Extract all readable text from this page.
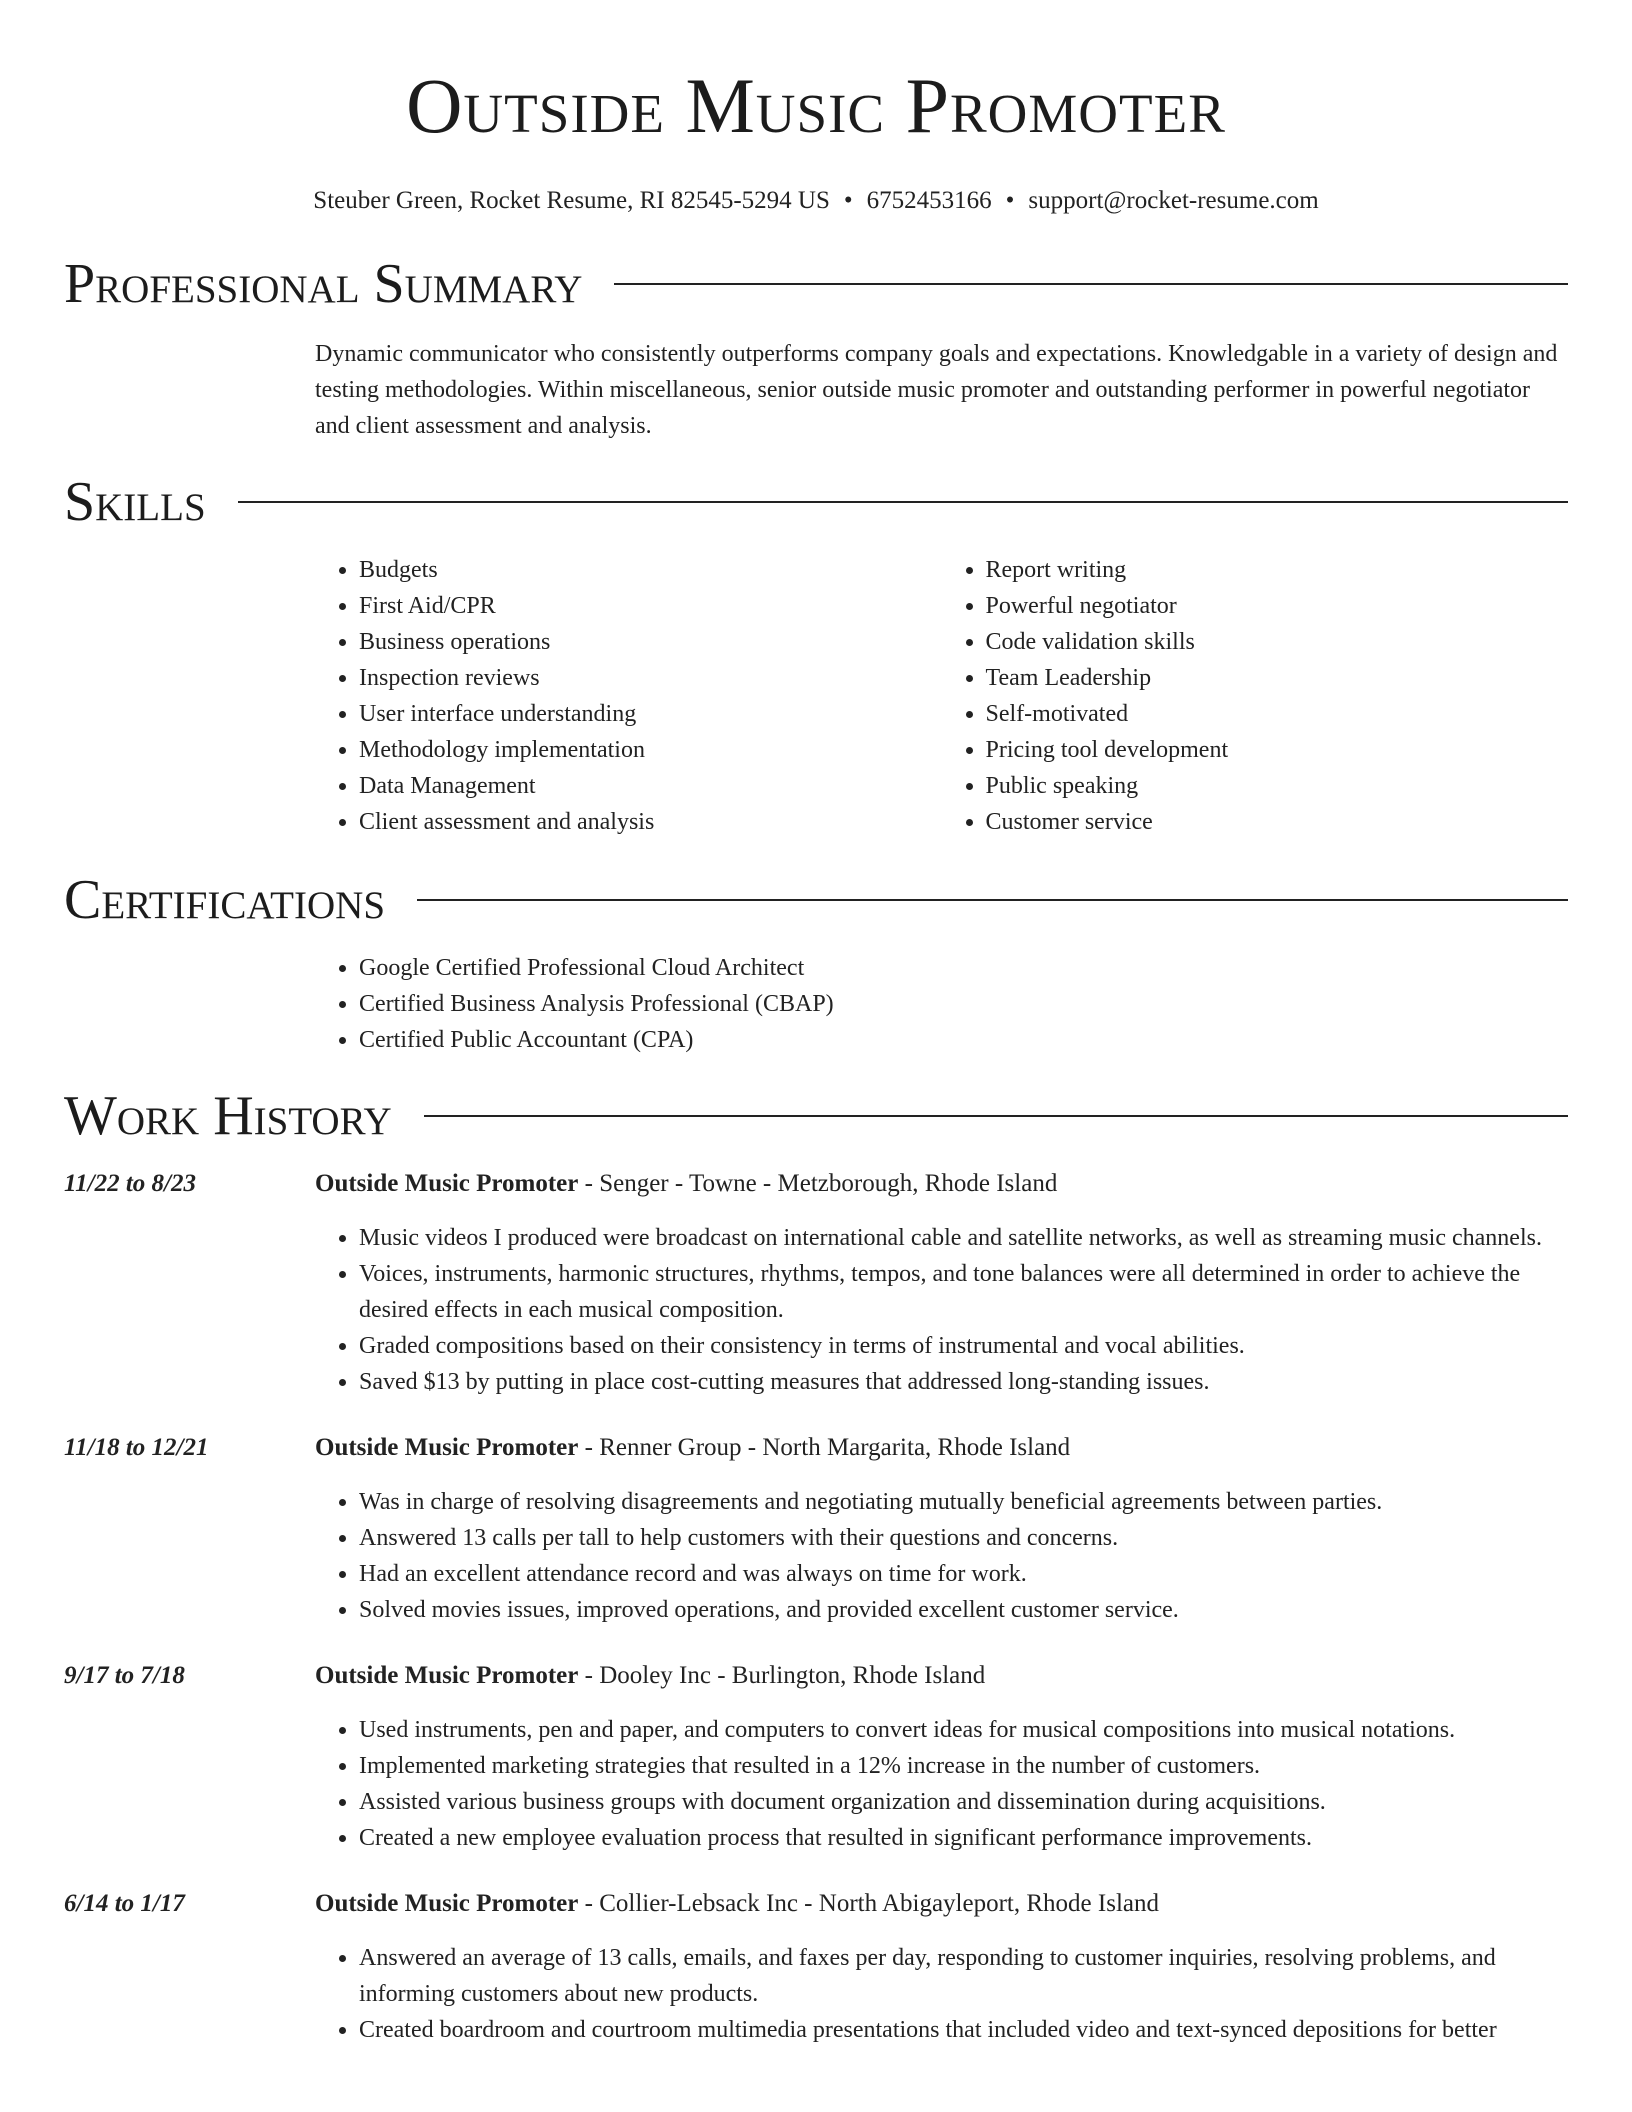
Outside Music Promoter
Steuber Green, Rocket Resume, RI 82545-5294 US • 6752453166 • support@rocket-resume.com
Professional Summary
Dynamic communicator who consistently outperforms company goals and expectations. Knowledgable in a variety of design and testing methodologies. Within miscellaneous, senior outside music promoter and outstanding performer in powerful negotiator and client assessment and analysis.
Skills
• Budgets
• First Aid/CPR
• Business operations
• Inspection reviews
• User interface understanding
• Methodology implementation
• Data Management
• Client assessment and analysis
• Report writing
• Powerful negotiator
• Code validation skills
• Team Leadership
• Self-motivated
• Pricing tool development
• Public speaking
• Customer service
Certifications
• Google Certified Professional Cloud Architect
• Certified Business Analysis Professional (CBAP)
• Certified Public Accountant (CPA)
Work History
11/22 to 8/23	Outside Music Promoter - Senger - Towne - Metzborough, Rhode Island
• Music videos I produced were broadcast on international cable and satellite networks, as well as streaming music channels.
• Voices, instruments, harmonic structures, rhythms, tempos, and tone balances were all determined in order to achieve the desired effects in each musical composition.
• Graded compositions based on their consistency in terms of instrumental and vocal abilities.
• Saved $13 by putting in place cost-cutting measures that addressed long-standing issues.
11/18 to 12/21	Outside Music Promoter - Renner Group - North Margarita, Rhode Island
• Was in charge of resolving disagreements and negotiating mutually beneficial agreements between parties.
• Answered 13 calls per tall to help customers with their questions and concerns.
• Had an excellent attendance record and was always on time for work.
• Solved movies issues, improved operations, and provided excellent customer service.
9/17 to 7/18	Outside Music Promoter - Dooley Inc - Burlington, Rhode Island
• Used instruments, pen and paper, and computers to convert ideas for musical compositions into musical notations.
• Implemented marketing strategies that resulted in a 12% increase in the number of customers.
• Assisted various business groups with document organization and dissemination during acquisitions.
• Created a new employee evaluation process that resulted in significant performance improvements.
6/14 to 1/17	Outside Music Promoter - Collier-Lebsack Inc - North Abigayleport, Rhode Island
• Answered an average of 13 calls, emails, and faxes per day, responding to customer inquiries, resolving problems, and informing customers about new products.
• Created boardroom and courtroom multimedia presentations that included video and text-synced depositions for better
